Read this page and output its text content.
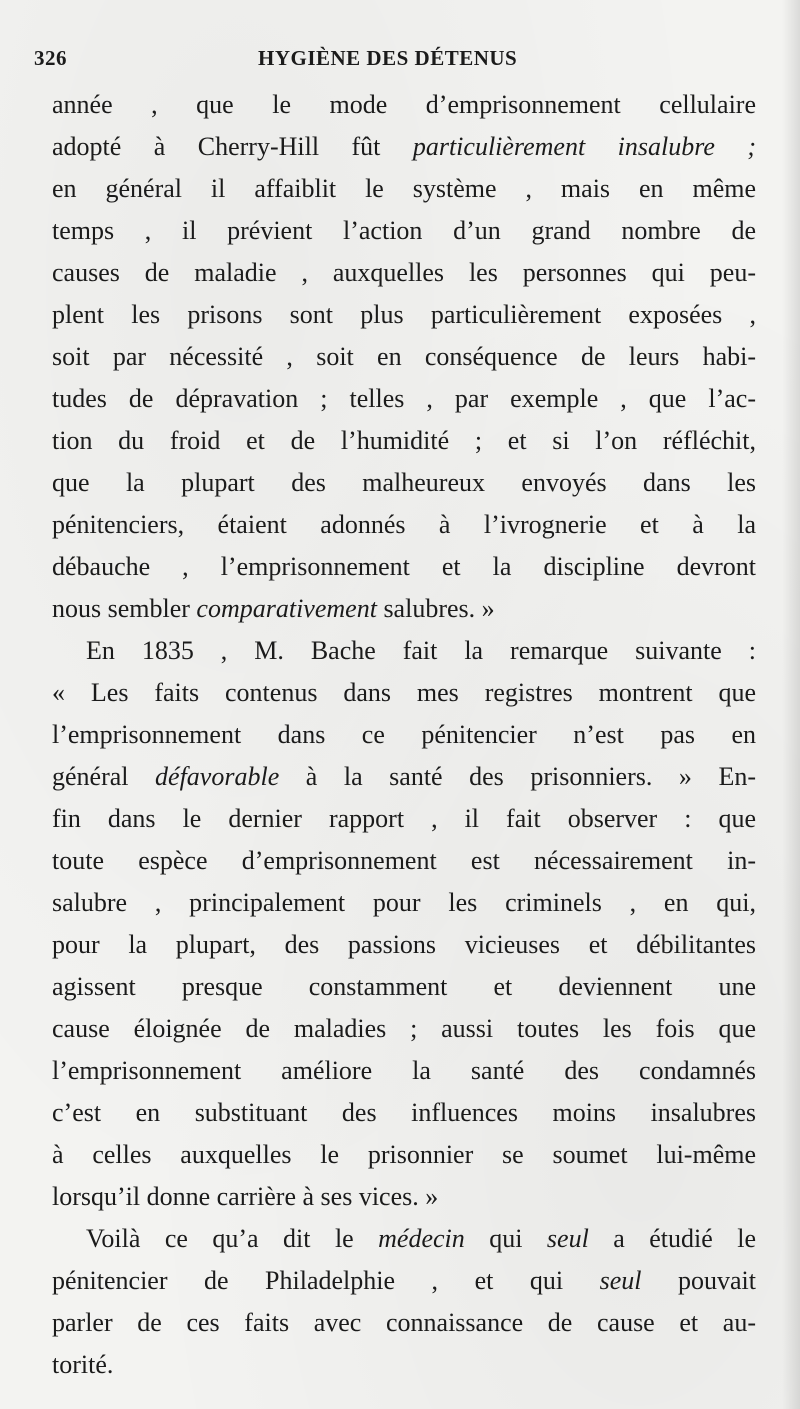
326	HYGIÈNE DES DÉTENUS
année , que le mode d’emprisonnement cellulaire
adopté à Cherry-Hill fût particulièrement insalubre ;
en général il affaiblit le système , mais en même
temps , il prévient l’action d’un grand nombre de
causes de maladie , auxquelles les personnes qui peu-
plent les prisons sont plus particulièrement exposées ,
soit par nécessité , soit en conséquence de leurs habi-
tudes de dépravation ; telles , par exemple , que l’ac-
tion du froid et de l’humidité ; et si l’on réfléchit,
que la plupart des malheureux envoyés dans les
pénitenciers, étaient adonnés à l’ivrognerie et à la
débauche , l’emprisonnement et la discipline devront
nous sembler comparativement salubres. »
En 1835 , M. Bache fait la remarque suivante :
« Les faits contenus dans mes registres montrent que
l’emprisonnement dans ce pénitencier n’est pas en
général défavorable à la santé des prisonniers. » En-
fin dans le dernier rapport , il fait observer : que
toute espèce d’emprisonnement est nécessairement in-
salubre , principalement pour les criminels , en qui,
pour la plupart, des passions vicieuses et débilitantes
agissent presque constamment et deviennent une
cause éloignée de maladies ; aussi toutes les fois que
l’emprisonnement améliore la santé des condamnés
c’est en substituant des influences moins insalubres
à celles auxquelles le prisonnier se soumet lui-même
lorsqu’il donne carrière à ses vices. »
Voilà ce qu’a dit le médecin qui seul a étudié le
pénitencier de Philadelphie , et qui seul pouvait
parler de ces faits avec connaissance de cause et au-
torité.
